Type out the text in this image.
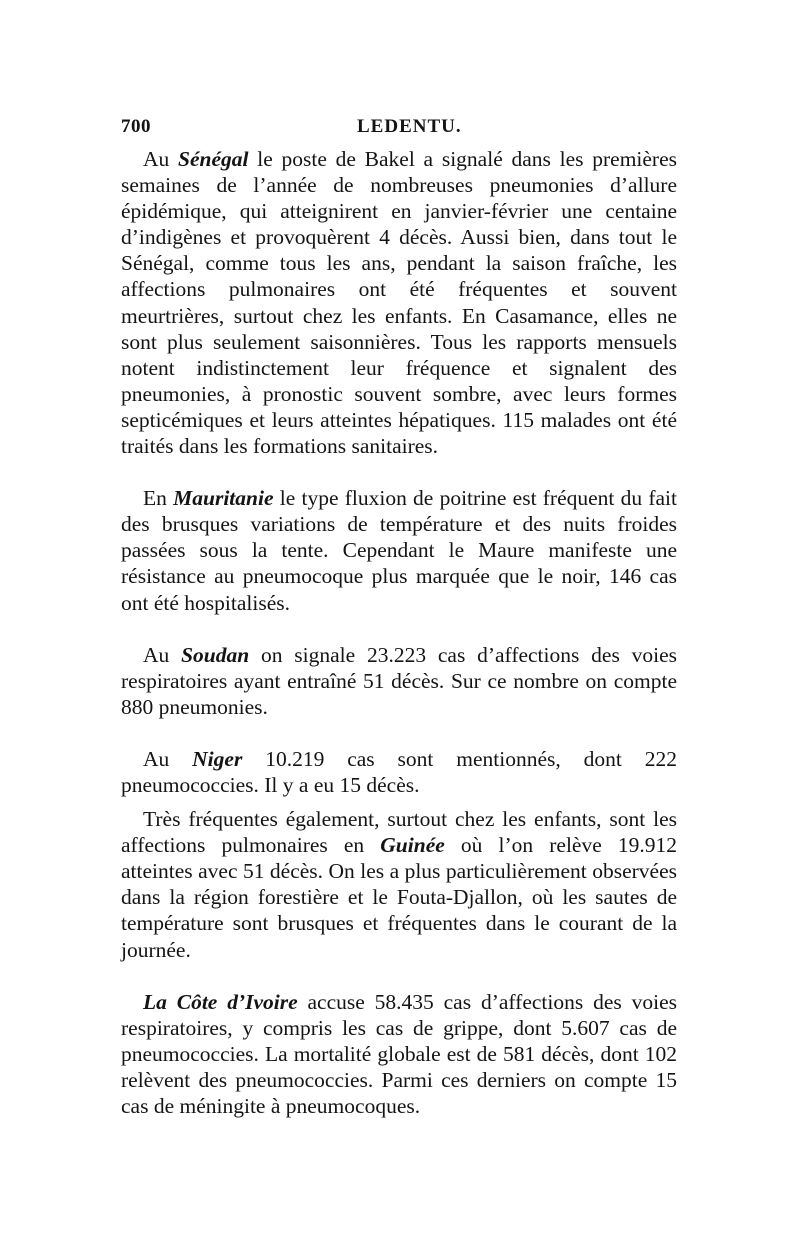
700	LEDENTU.

Au Sénégal le poste de Bakel a signalé dans les premières semaines de l’année de nombreuses pneumonies d’allure épidémique, qui atteignirent en janvier-février une centaine d’indigènes et provoquèrent 4 décès. Aussi bien, dans tout le Sénégal, comme tous les ans, pendant la saison fraîche, les affections pulmonaires ont été fréquentes et souvent meurtrières, surtout chez les enfants. En Casamance, elles ne sont plus seulement saisonnières. Tous les rapports mensuels notent indistinctement leur fréquence et signalent des pneumonies, à pronostic souvent sombre, avec leurs formes septicémiques et leurs atteintes hépatiques. 115 malades ont été traités dans les formations sanitaires.

En Mauritanie le type fluxion de poitrine est fréquent du fait des brusques variations de température et des nuits froides passées sous la tente. Cependant le Maure manifeste une résistance au pneumocoque plus marquée que le noir, 146 cas ont été hospitalisés.

Au Soudan on signale 23.223 cas d’affections des voies respiratoires ayant entraîné 51 décès. Sur ce nombre on compte 880 pneumonies.

Au Niger 10.219 cas sont mentionnés, dont 222 pneumococcies. Il y a eu 15 décès.

Très fréquentes également, surtout chez les enfants, sont les affections pulmonaires en Guinée où l’on relève 19.912 atteintes avec 51 décès. On les a plus particulièrement observées dans la région forestière et le Fouta-Djallon, où les sautes de température sont brusques et fréquentes dans le courant de la journée.

La Côte d’Ivoire accuse 58.435 cas d’affections des voies respiratoires, y compris les cas de grippe, dont 5.607 cas de pneumococcies. La mortalité globale est de 581 décès, dont 102 relèvent des pneumococcies. Parmi ces derniers on compte 15 cas de méningite à pneumocoques.
